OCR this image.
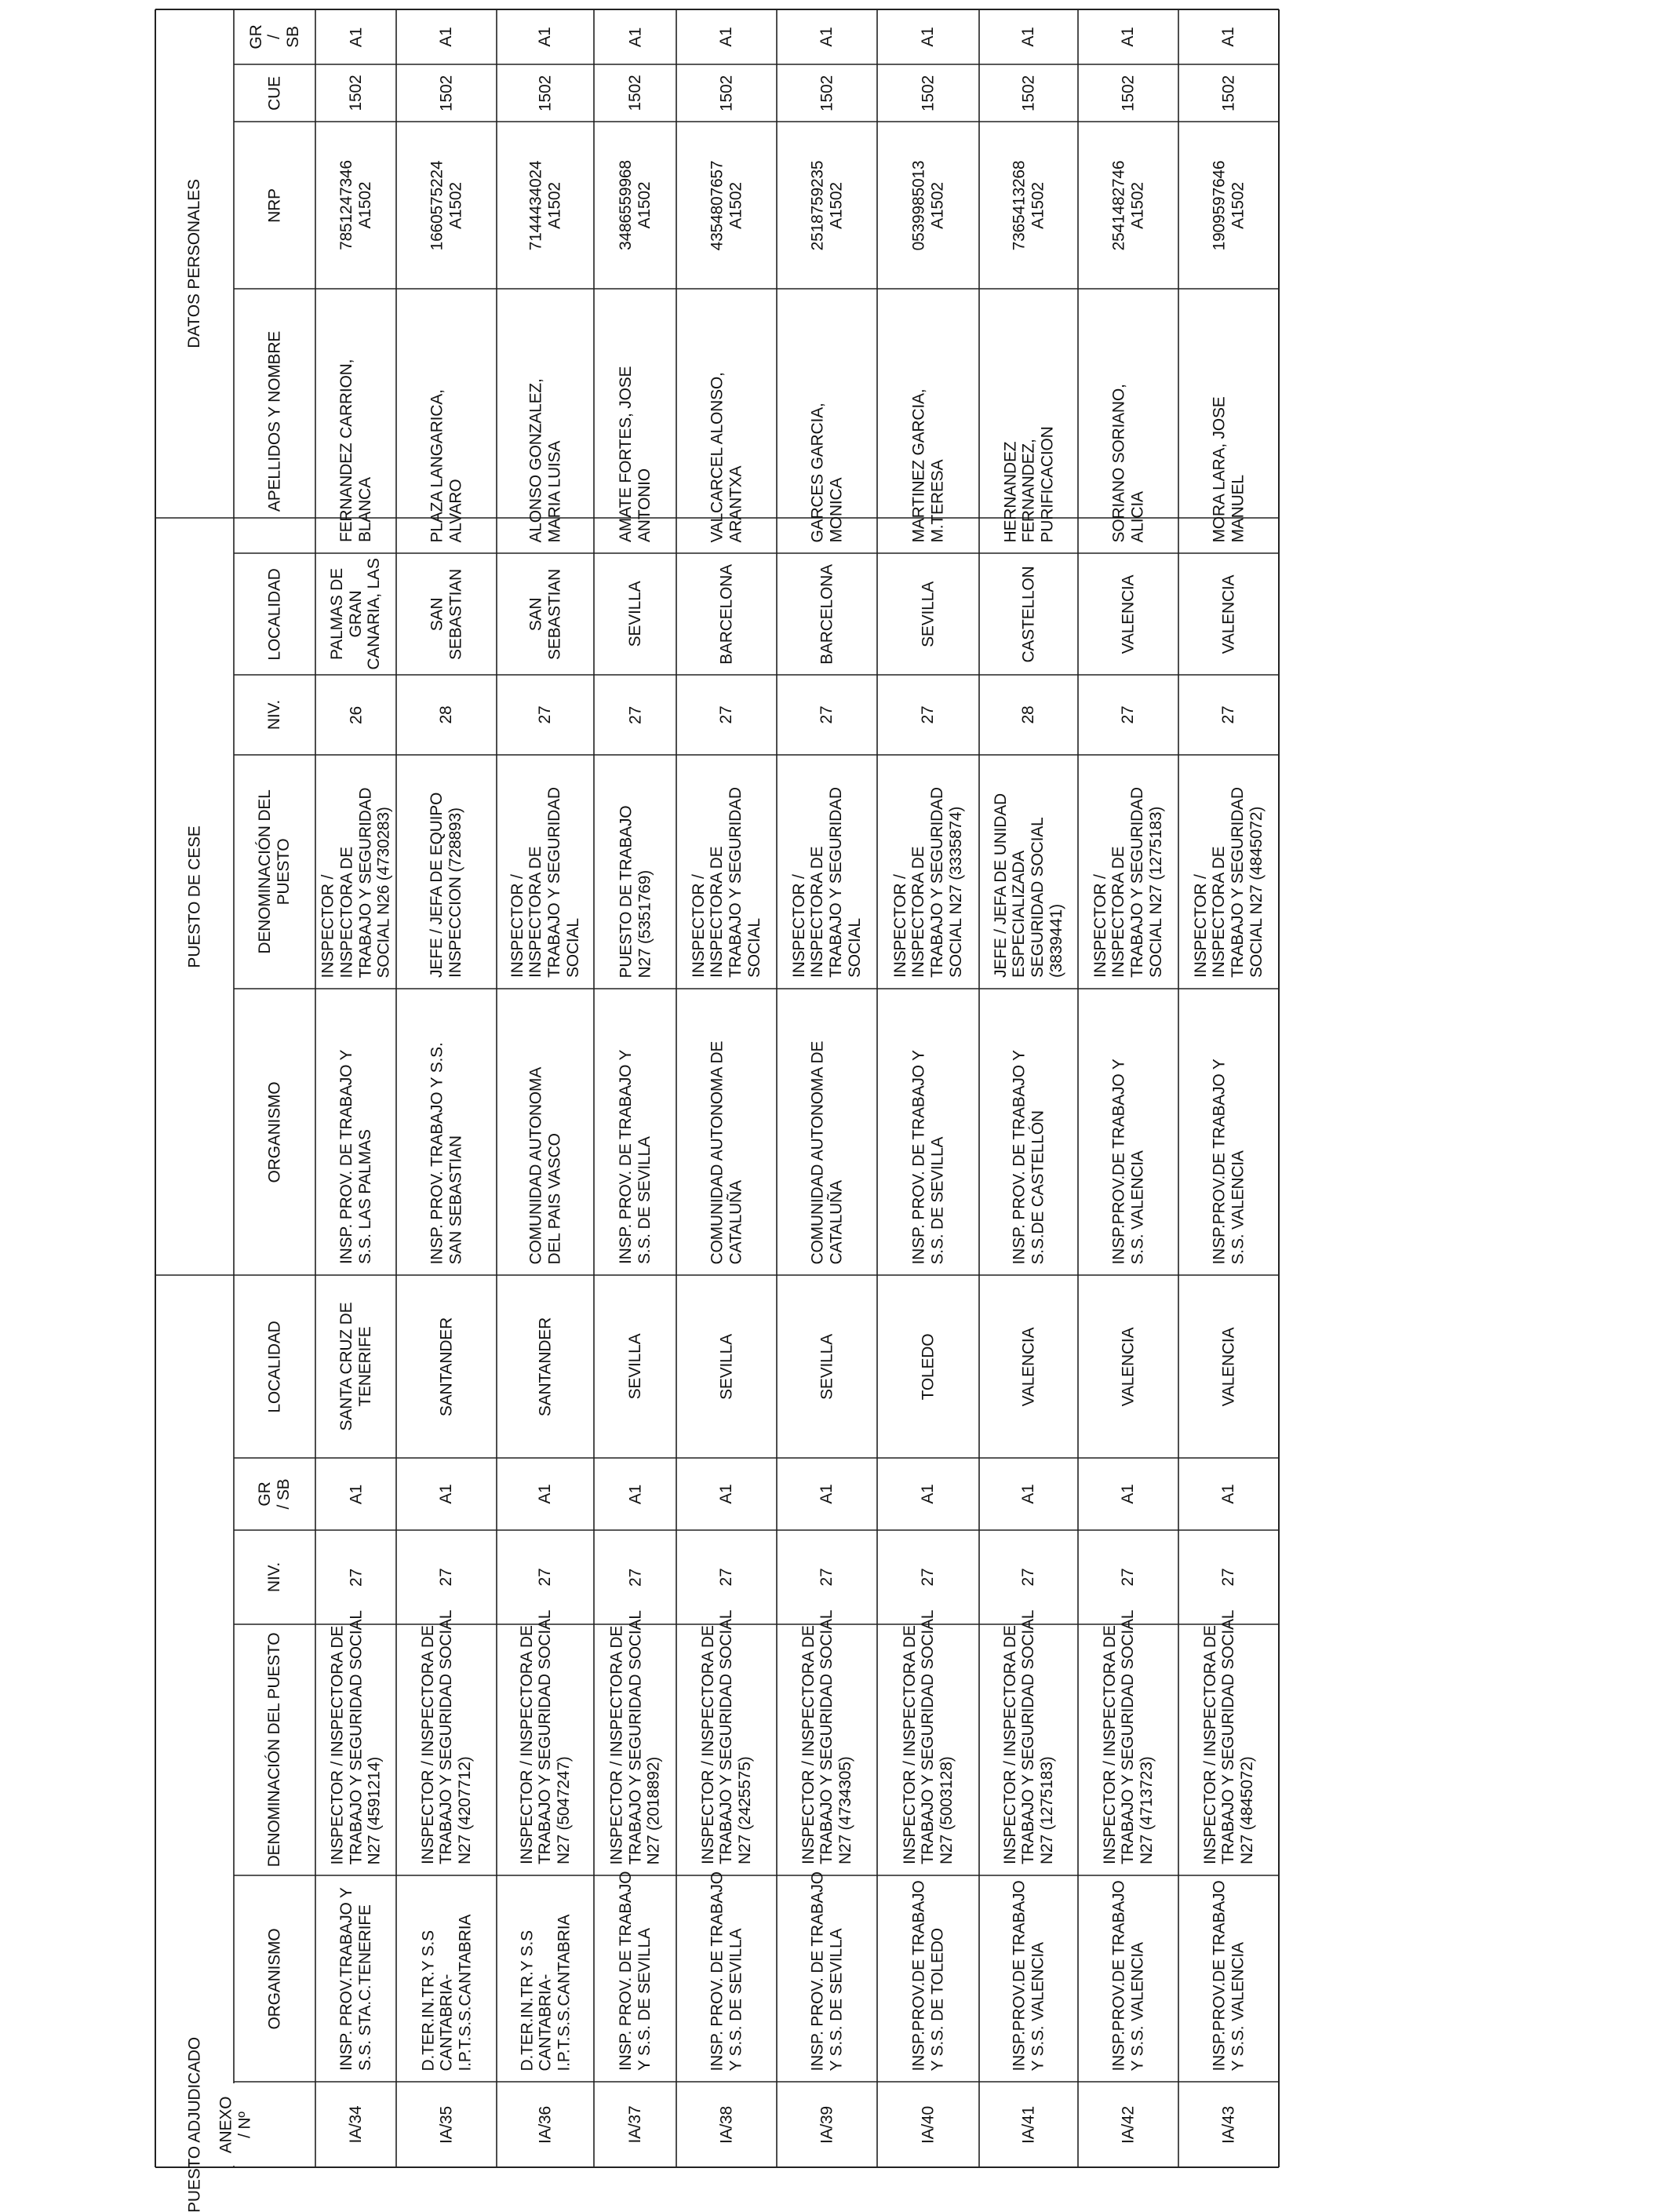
PUESTO ADJUDICADO
PUESTO DE CESE
DATOS PERSONALES
ANEXO / Nº
ORGANISMO
DENOMINACIÓN DEL PUESTO
NIV.
GR / SB
LOCALIDAD
ORGANISMO
DENOMINACIÓN DEL PUESTO
NIV.
LOCALIDAD
APELLIDOS Y NOMBRE
NRP
CUE
GR / SB
IA/34
INSP. PROV.TRABAJO Y S.S. STA.C.TENERIFE
INSPECTOR / INSPECTORA DE TRABAJO Y SEGURIDAD SOCIAL N27 (4591214)
27
A1
SANTA CRUZ DE TENERIFE
INSP. PROV. DE TRABAJO Y S.S. LAS PALMAS
INSPECTOR / INSPECTORA DE TRABAJO Y SEGURIDAD SOCIAL N26 (4730283)
26
PALMAS DE GRAN CANARIA, LAS
FERNANDEZ CARRION, BLANCA
7851247346 A1502
1502
A1
IA/35
D.TER.IN.TR.Y S.S CANTABRIA- I.P.T.S.S.CANTABRIA
INSPECTOR / INSPECTORA DE TRABAJO Y SEGURIDAD SOCIAL N27 (4207712)
27
A1
SANTANDER
INSP. PROV. TRABAJO Y S.S. SAN SEBASTIAN
JEFE / JEFA DE EQUIPO INSPECCION (728893)
28
SAN SEBASTIAN
PLAZA LANGARICA, ALVARO
1660575224 A1502
1502
A1
IA/36
D.TER.IN.TR.Y S.S CANTABRIA- I.P.T.S.S.CANTABRIA
INSPECTOR / INSPECTORA DE TRABAJO Y SEGURIDAD SOCIAL N27 (5047247)
27
A1
SANTANDER
COMUNIDAD AUTONOMA DEL PAIS VASCO
INSPECTOR / INSPECTORA DE TRABAJO Y SEGURIDAD SOCIAL
27
SAN SEBASTIAN
ALONSO GONZALEZ, MARIA LUISA
7144434024 A1502
1502
A1
IA/37
INSP. PROV. DE TRABAJO Y S.S. DE SEVILLA
INSPECTOR / INSPECTORA DE TRABAJO Y SEGURIDAD SOCIAL N27 (2018892)
27
A1
SEVILLA
INSP. PROV. DE TRABAJO Y S.S. DE SEVILLA
PUESTO DE TRABAJO N27 (5351769)
27
SEVILLA
AMATE FORTES, JOSE ANTONIO
3486559968 A1502
1502
A1
IA/38
INSP. PROV. DE TRABAJO Y S.S. DE SEVILLA
INSPECTOR / INSPECTORA DE TRABAJO Y SEGURIDAD SOCIAL N27 (2425575)
27
A1
SEVILLA
COMUNIDAD AUTONOMA DE CATALUÑA
INSPECTOR / INSPECTORA DE TRABAJO Y SEGURIDAD SOCIAL
27
BARCELONA
VALCARCEL ALONSO, ARANTXA
4354807657 A1502
1502
A1
IA/39
INSP. PROV. DE TRABAJO Y S.S. DE SEVILLA
INSPECTOR / INSPECTORA DE TRABAJO Y SEGURIDAD SOCIAL N27 (4734305)
27
A1
SEVILLA
COMUNIDAD AUTONOMA DE CATALUÑA
INSPECTOR / INSPECTORA DE TRABAJO Y SEGURIDAD SOCIAL
27
BARCELONA
GARCES GARCIA, MONICA
2518759235 A1502
1502
A1
IA/40
INSP.PROV.DE TRABAJO Y S.S. DE TOLEDO
INSPECTOR / INSPECTORA DE TRABAJO Y SEGURIDAD SOCIAL N27 (5003128)
27
A1
TOLEDO
INSP. PROV. DE TRABAJO Y S.S. DE SEVILLA
INSPECTOR / INSPECTORA DE TRABAJO Y SEGURIDAD SOCIAL N27 (3335874)
27
SEVILLA
MARTINEZ GARCIA, M.TERESA
0539985013 A1502
1502
A1
IA/41
INSP.PROV.DE TRABAJO Y S.S. VALENCIA
INSPECTOR / INSPECTORA DE TRABAJO Y SEGURIDAD SOCIAL N27 (1275183)
27
A1
VALENCIA
INSP. PROV. DE TRABAJO Y S.S.DE CASTELLÓN
JEFE / JEFA DE UNIDAD ESPECIALIZADA SEGURIDAD SOCIAL (3839441)
28
CASTELLON
HERNANDEZ FERNANDEZ, PURIFICACION
7365413268 A1502
1502
A1
IA/42
INSP.PROV.DE TRABAJO Y S.S. VALENCIA
INSPECTOR / INSPECTORA DE TRABAJO Y SEGURIDAD SOCIAL N27 (4713723)
27
A1
VALENCIA
INSP.PROV.DE TRABAJO Y S.S. VALENCIA
INSPECTOR / INSPECTORA DE TRABAJO Y SEGURIDAD SOCIAL N27 (1275183)
27
VALENCIA
SORIANO SORIANO, ALICIA
2541482746 A1502
1502
A1
IA/43
INSP.PROV.DE TRABAJO Y S.S. VALENCIA
INSPECTOR / INSPECTORA DE TRABAJO Y SEGURIDAD SOCIAL N27 (4845072)
27
A1
VALENCIA
INSP.PROV.DE TRABAJO Y S.S. VALENCIA
INSPECTOR / INSPECTORA DE TRABAJO Y SEGURIDAD SOCIAL N27 (4845072)
27
VALENCIA
MORA LARA, JOSE MANUEL
1909597646 A1502
1502
A1
